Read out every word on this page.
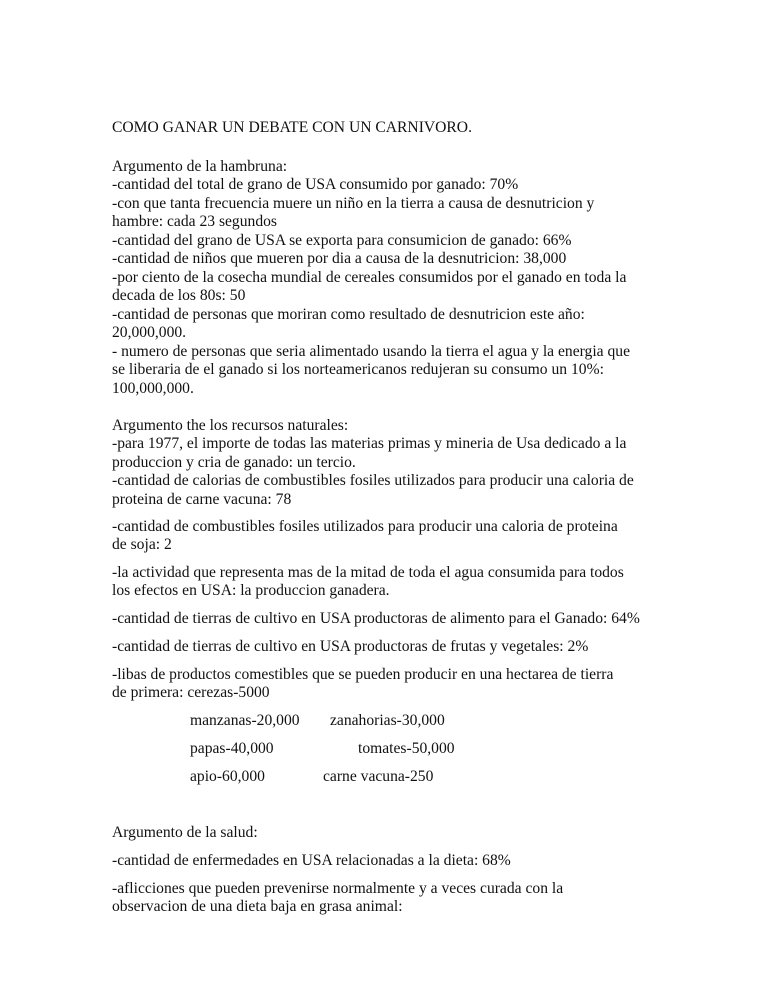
COMO GANAR UN DEBATE CON UN CARNIVORO.
Argumento de la hambruna:
-cantidad del total de grano de USA consumido por ganado: 70%
-con que tanta frecuencia muere un niño en la tierra a causa de desnutricion y
hambre: cada 23 segundos
-cantidad del grano de USA se exporta para consumicion de ganado: 66%
-cantidad de niños que mueren por dia a causa de la desnutricion: 38,000
-por ciento de la cosecha mundial de cereales consumidos por el ganado en toda la
decada de los 80s: 50
-cantidad de personas que moriran como resultado de desnutricion este año:
20,000,000.
- numero de personas que seria alimentado usando la tierra el agua y la energia que
se liberaria de el ganado si los norteamericanos redujeran su consumo un 10%:
100,000,000.
Argumento the los recursos naturales:
-para 1977, el importe de todas las materias primas y mineria de Usa dedicado a la
produccion y cria de ganado: un tercio.
-cantidad de calorias de combustibles fosiles utilizados para producir una caloria de
proteina de carne vacuna: 78
-cantidad de combustibles fosiles utilizados para producir una caloria de proteina
de soja: 2
-la actividad que representa mas de la mitad de toda el agua consumida para todos
los efectos en USA: la produccion ganadera.
-cantidad de tierras de cultivo en USA productoras de alimento para el Ganado: 64%
-cantidad de tierras de cultivo en USA productoras de frutas y vegetales: 2%
-libas de productos comestibles que se pueden producir en una hectarea de tierra
de primera: cerezas-5000
manzanas-20,000 zanahorias-30,000
papas-40,000	tomates-50,000
apio-60,000	carne vacuna-250
Argumento de la salud:
-cantidad de enfermedades en USA relacionadas a la dieta: 68%
-aflicciones que pueden prevenirse normalmente y a veces curada con la
observacion de una dieta baja en grasa animal:
